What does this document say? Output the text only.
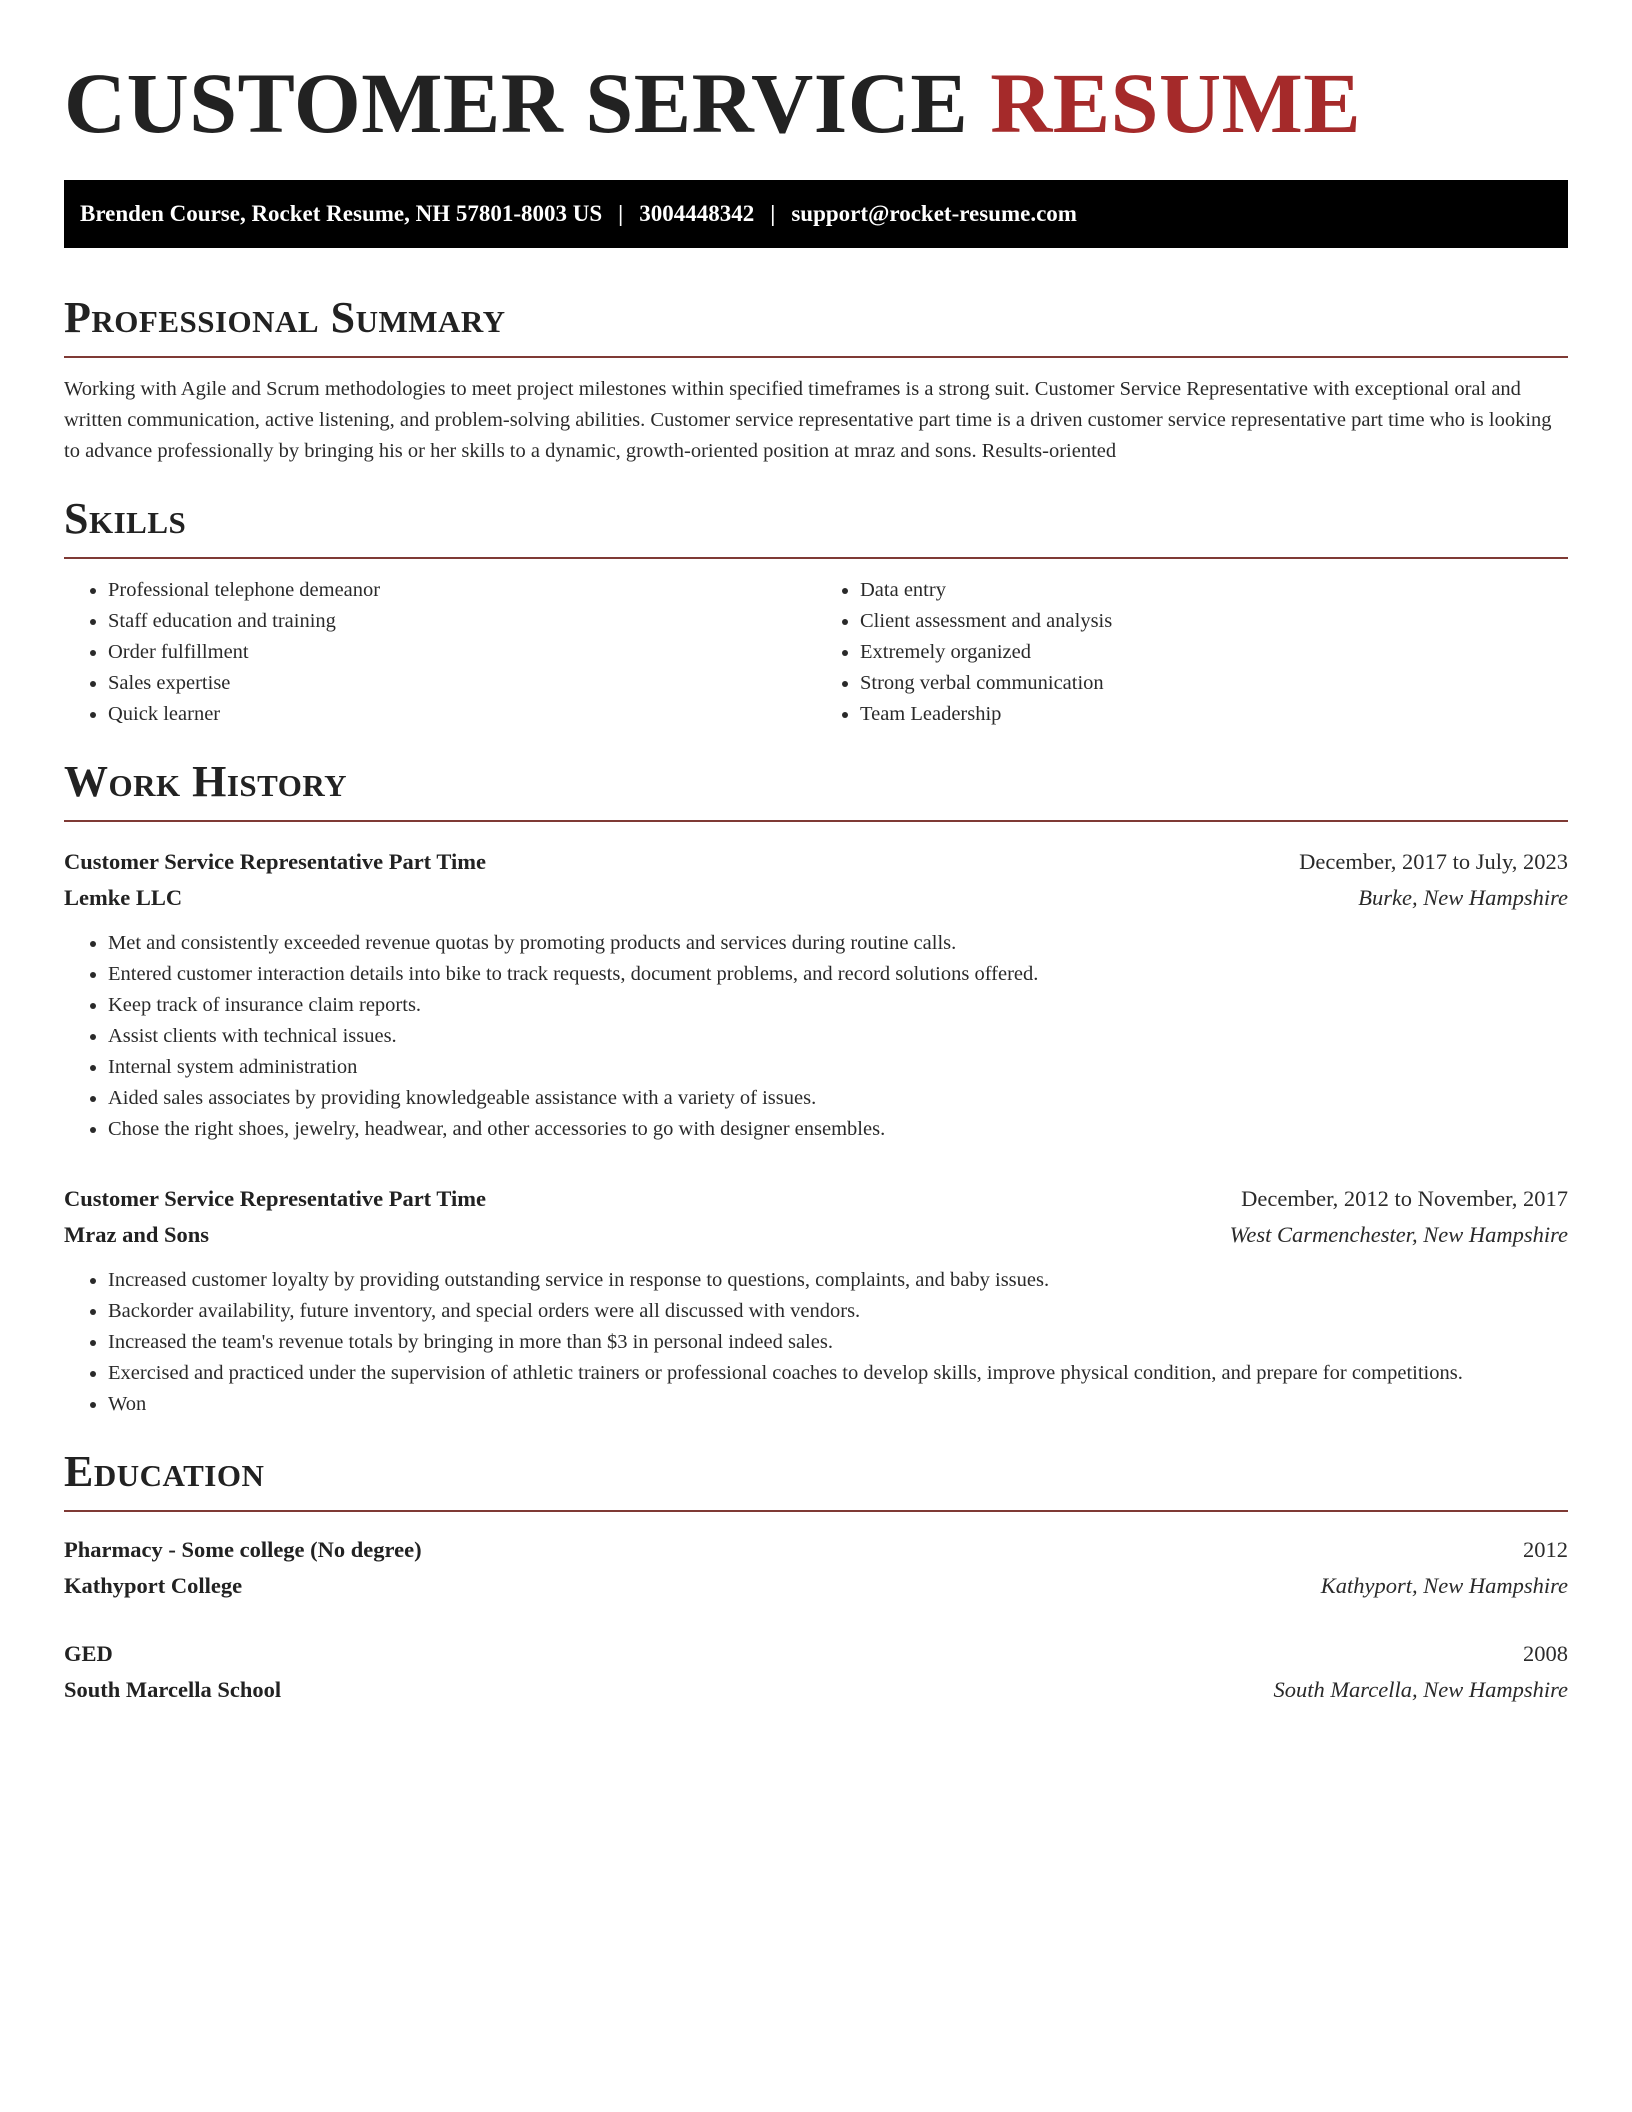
CUSTOMER SERVICE RESUME
Brenden Course, Rocket Resume, NH 57801-8003 US | 3004448342 | support@rocket-resume.com
Professional Summary
Working with Agile and Scrum methodologies to meet project milestones within specified timeframes is a strong suit. Customer Service Representative with exceptional oral and written communication, active listening, and problem-solving abilities. Customer service representative part time is a driven customer service representative part time who is looking to advance professionally by bringing his or her skills to a dynamic, growth-oriented position at mraz and sons. Results-oriented
Skills
• Professional telephone demeanor
• Staff education and training
• Order fulfillment
• Sales expertise
• Quick learner
• Data entry
• Client assessment and analysis
• Extremely organized
• Strong verbal communication
• Team Leadership
Work History
Customer Service Representative Part Time	December, 2017 to July, 2023
Lemke LLC	Burke, New Hampshire
• Met and consistently exceeded revenue quotas by promoting products and services during routine calls.
• Entered customer interaction details into bike to track requests, document problems, and record solutions offered.
• Keep track of insurance claim reports.
• Assist clients with technical issues.
• Internal system administration
• Aided sales associates by providing knowledgeable assistance with a variety of issues.
• Chose the right shoes, jewelry, headwear, and other accessories to go with designer ensembles.
Customer Service Representative Part Time	December, 2012 to November, 2017
Mraz and Sons	West Carmenchester, New Hampshire
• Increased customer loyalty by providing outstanding service in response to questions, complaints, and baby issues.
• Backorder availability, future inventory, and special orders were all discussed with vendors.
• Increased the team's revenue totals by bringing in more than $3 in personal indeed sales.
• Exercised and practiced under the supervision of athletic trainers or professional coaches to develop skills, improve physical condition, and prepare for competitions.
• Won
Education
Pharmacy - Some college (No degree)	2012
Kathyport College	Kathyport, New Hampshire
GED	2008
South Marcella School	South Marcella, New Hampshire
